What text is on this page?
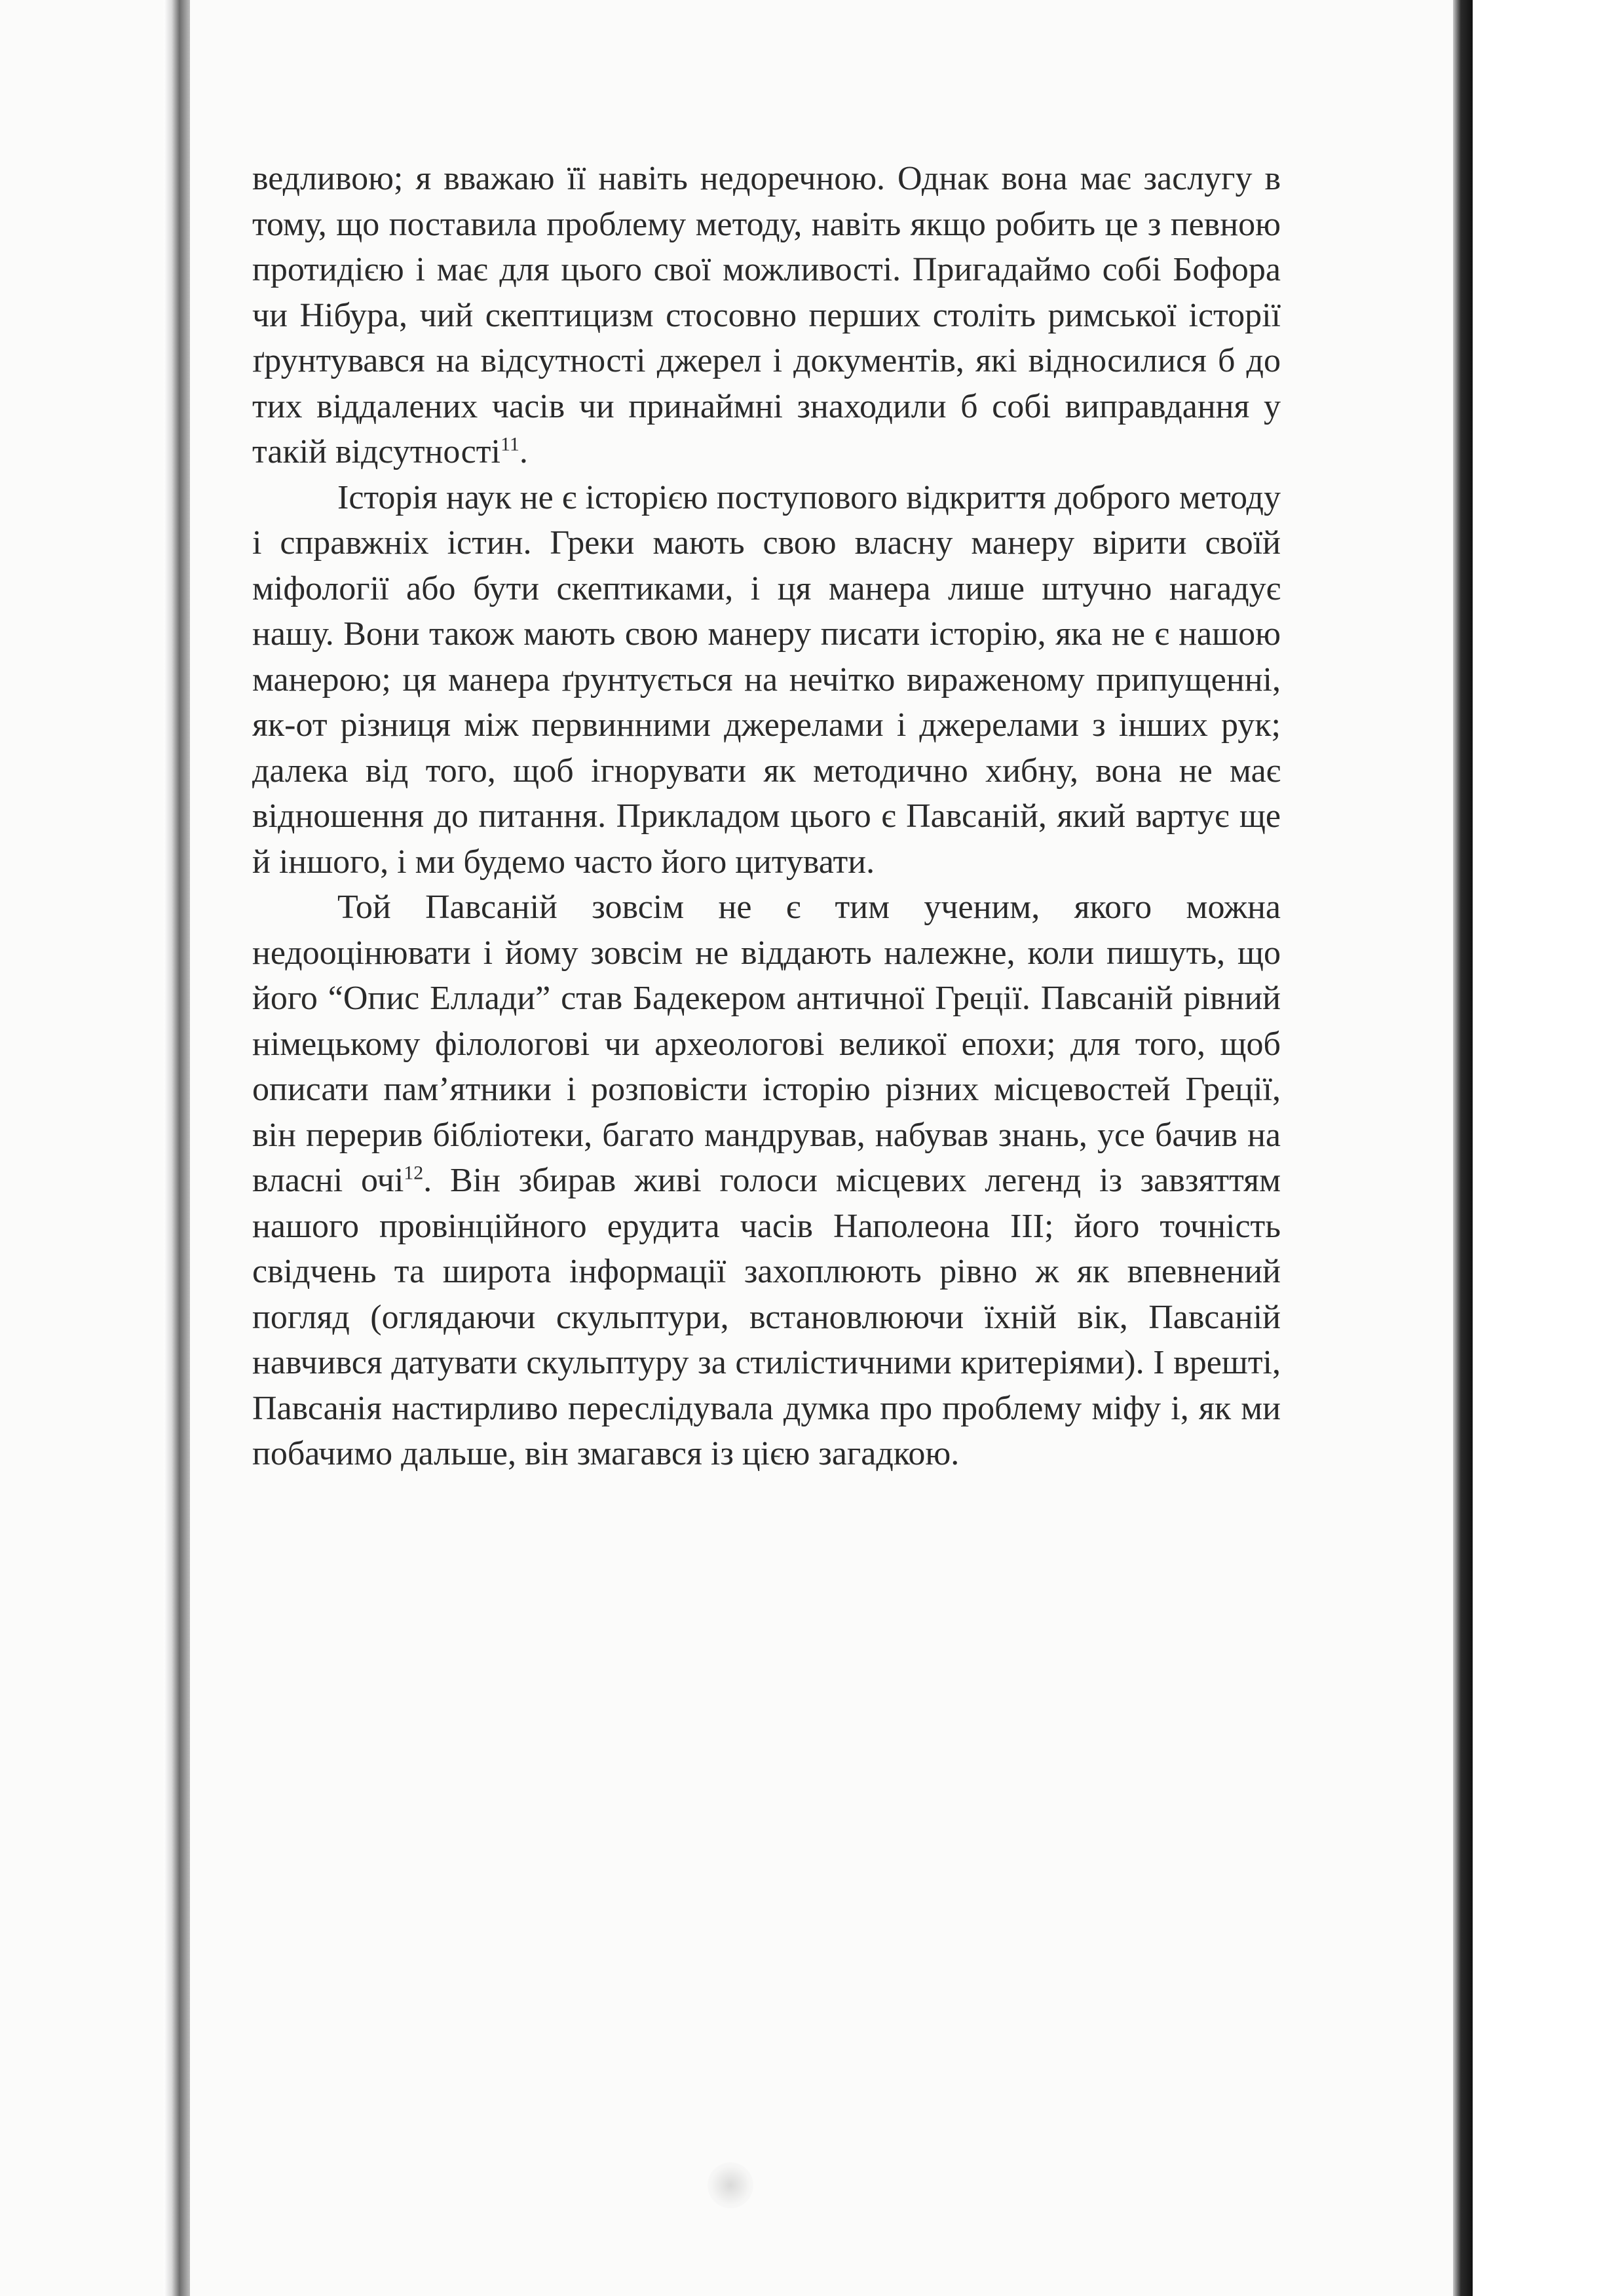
ведливою; я вважаю її навіть недоречною. Однак вона має заслугу в тому, що поставила проблему методу, навіть якщо робить це з певною протидією і має для цього свої можливості. Пригадаймо собі Бофора чи Нібура, чий скептицизм стосовно перших століть римської історії ґрунтувався на відсутності джерел і документів, які відносилися б до тих віддалених часів чи принаймні знаходили б собі виправдання у такій відсутності$^{11}$.

Історія наук не є історією поступового відкриття доброго методу і справжніх істин. Греки мають свою власну манеру вірити своїй міфології або бути скептиками, і ця манера лише штучно нагадує нашу. Вони також мають свою манеру писати історію, яка не є нашою манерою; ця манера ґрунтується на нечітко вираженому припущенні, як-от різниця між первинними джерелами і джерелами з інших рук; далека від того, щоб ігнорувати як методично хибну, вона не має відношення до питання. Прикладом цього є Павсаній, який вартує ще й іншого, і ми будемо часто його цитувати.

Той Павсаній зовсім не є тим ученим, якого можна недооцінювати і йому зовсім не віддають належне, коли пишуть, що його “Опис Еллади” став Бадекером античної Греції. Павсаній рівний німецькому філологові чи археологові великої епохи; для того, щоб описати пам’ятники і розповісти історію різних місцевостей Греції, він перерив бібліотеки, багато мандрував, набував знань, усе бачив на власні очі$^{12}$. Він збирав живі голоси місцевих легенд із завзяттям нашого провінційного ерудита часів Наполеона ІІІ; його точність свідчень та широта інформації захоплюють рівно ж як впевнений погляд (оглядаючи скульптури, встановлюючи їхній вік, Павсаній навчився датувати скульптуру за стилістичними критеріями). І врешті, Павсанія настирливо переслідувала думка про проблему міфу і, як ми побачимо дальше, він змагався із цією загадкою.
